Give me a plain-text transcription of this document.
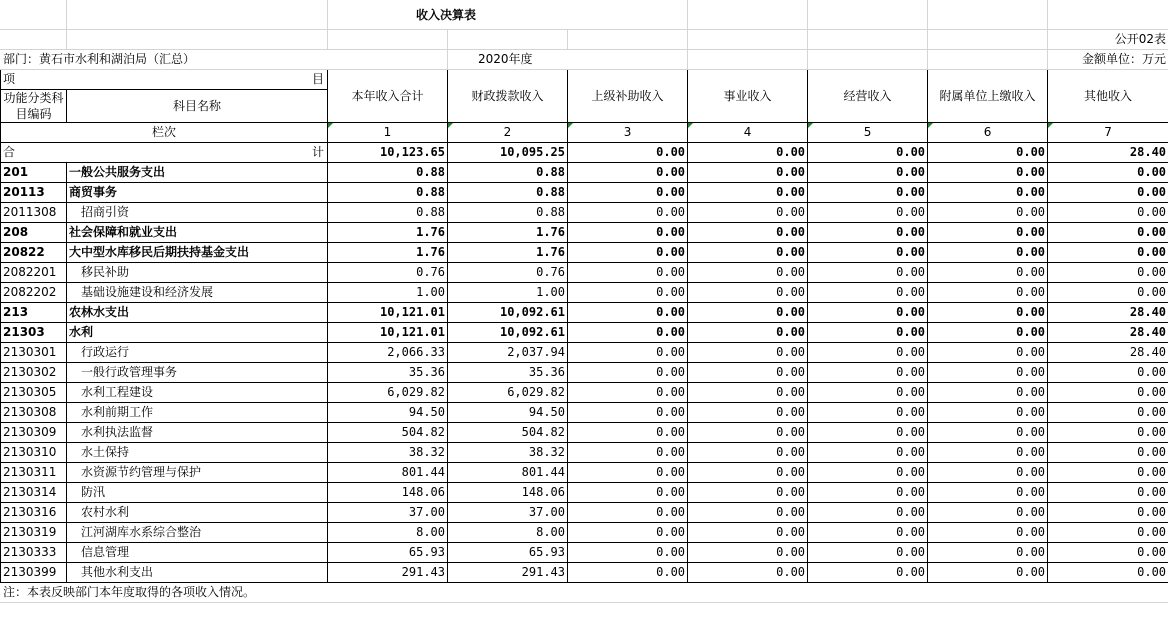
		收入决算表						
								公开02表
部门：黄石市水利和湖泊局（汇总）			2020年度					金额单位：万元
项 目		本年收入合计	财政拨款收入	上级补助收入	事业收入	经营收入	附属单位上缴收入	其他收入
功能分类科目编码	科目名称							

栏次		1	2	3	4	5	6	7
合 计		10,123.65	10,095.25	0.00	0.00	0.00	0.00	28.40
201	一般公共服务支出	0.88	0.88	0.00	0.00	0.00	0.00	0.00
20113	商贸事务	0.88	0.88	0.00	0.00	0.00	0.00	0.00
2011308	招商引资	0.88	0.88	0.00	0.00	0.00	0.00	0.00
208	社会保障和就业支出	1.76	1.76	0.00	0.00	0.00	0.00	0.00
20822	大中型水库移民后期扶持基金支出	1.76	1.76	0.00	0.00	0.00	0.00	0.00
2082201	移民补助	0.76	0.76	0.00	0.00	0.00	0.00	0.00
2082202	基础设施建设和经济发展	1.00	1.00	0.00	0.00	0.00	0.00	0.00
213	农林水支出	10,121.01	10,092.61	0.00	0.00	0.00	0.00	28.40
21303	水利	10,121.01	10,092.61	0.00	0.00	0.00	0.00	28.40
2130301	行政运行	2,066.33	2,037.94	0.00	0.00	0.00	0.00	28.40
2130302	一般行政管理事务	35.36	35.36	0.00	0.00	0.00	0.00	0.00
2130305	水利工程建设	6,029.82	6,029.82	0.00	0.00	0.00	0.00	0.00
2130308	水利前期工作	94.50	94.50	0.00	0.00	0.00	0.00	0.00
2130309	水利执法监督	504.82	504.82	0.00	0.00	0.00	0.00	0.00
2130310	水土保持	38.32	38.32	0.00	0.00	0.00	0.00	0.00
2130311	水资源节约管理与保护	801.44	801.44	0.00	0.00	0.00	0.00	0.00
2130314	防汛	148.06	148.06	0.00	0.00	0.00	0.00	0.00
2130316	农村水利	37.00	37.00	0.00	0.00	0.00	0.00	0.00
2130319	江河湖库水系综合整治	8.00	8.00	0.00	0.00	0.00	0.00	0.00
2130333	信息管理	65.93	65.93	0.00	0.00	0.00	0.00	0.00
2130399	其他水利支出	291.43	291.43	0.00	0.00	0.00	0.00	0.00
注：本表反映部门本年度取得的各项收入情况。								
